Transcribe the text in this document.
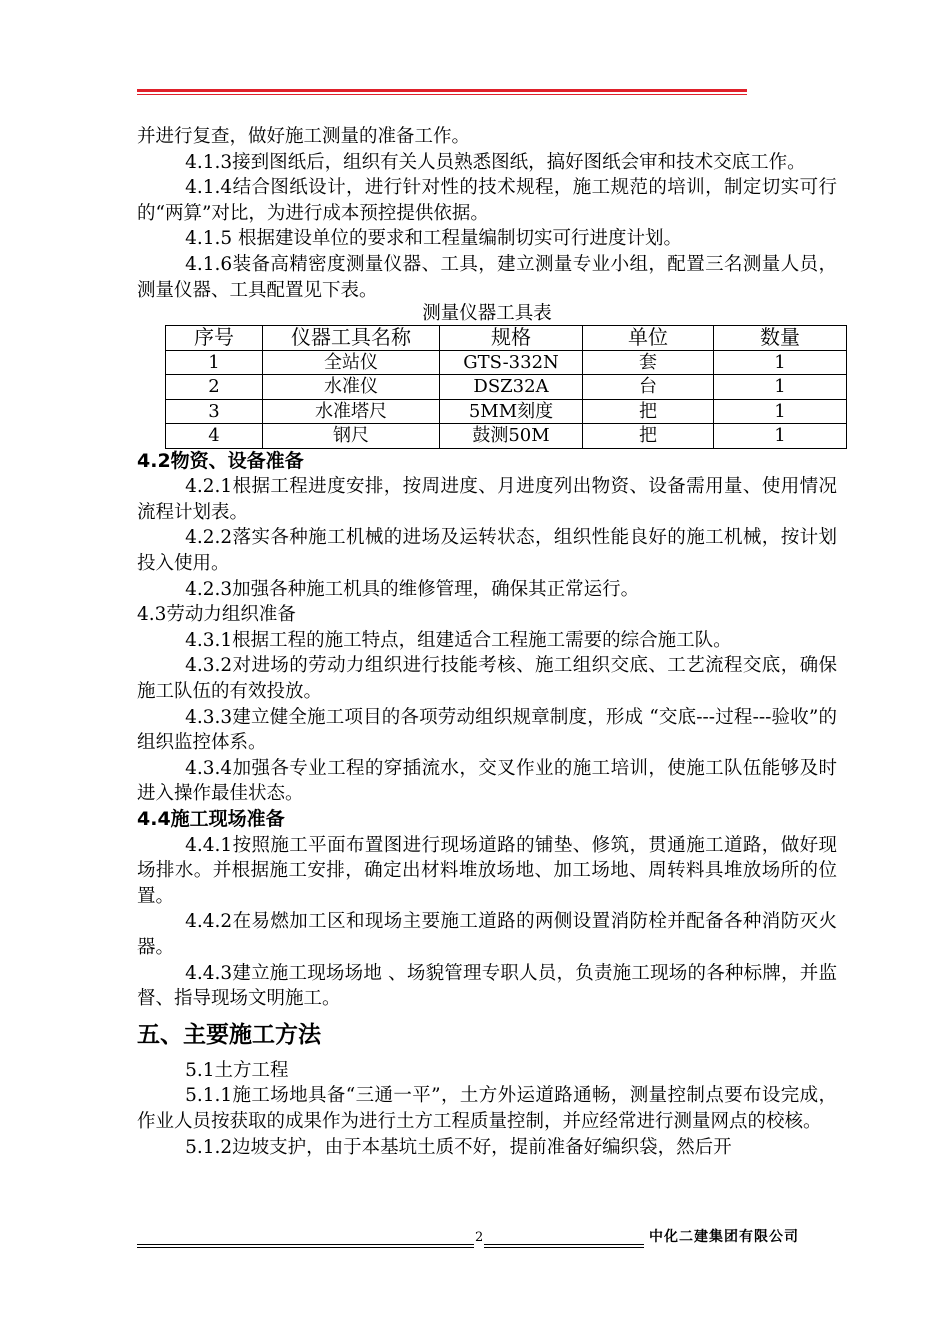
并进行复查，做好施工测量的准备工作。

4.1.3接到图纸后，组织有关人员熟悉图纸，搞好图纸会审和技术交底工作。

4.1.4结合图纸设计，进行针对性的技术规程，施工规范的培训，制定切实可行的“两算”对比，为进行成本预控提供依据。

4.1.5 根据建设单位的要求和工程量编制切实可行进度计划。

4.1.6装备高精密度测量仪器、工具，建立测量专业小组，配置三名测量人员，测量仪器、工具配置见下表。

测量仪器工具表

序号	仪器工具名称	规格	单位	数量
1	全站仪	GTS-332N	套	1
2	水准仪	DSZ32A	台	1
3	水准塔尺	5MM刻度	把	1
4	钢尺	鼓测50M	把	1

4.2物资、设备准备

4.2.1根据工程进度安排，按周进度、月进度列出物资、设备需用量、使用情况流程计划表。

4.2.2落实各种施工机械的进场及运转状态，组织性能良好的施工机械，按计划投入使用。

4.2.3加强各种施工机具的维修管理，确保其正常运行。

4.3劳动力组织准备

4.3.1根据工程的施工特点，组建适合工程施工需要的综合施工队。

4.3.2对进场的劳动力组织进行技能考核、施工组织交底、工艺流程交底，确保施工队伍的有效投放。

4.3.3建立健全施工项目的各项劳动组织规章制度，形成 “交底---过程---验收”的组织监控体系。

4.3.4加强各专业工程的穿插流水，交叉作业的施工培训，使施工队伍能够及时进入操作最佳状态。

4.4施工现场准备

4.4.1按照施工平面布置图进行现场道路的铺垫、修筑，贯通施工道路，做好现场排水。并根据施工安排，确定出材料堆放场地、加工场地、周转料具堆放场所的位置。

4.4.2在易燃加工区和现场主要施工道路的两侧设置消防栓并配备各种消防灭火器。

4.4.3建立施工现场场地 、场貌管理专职人员，负责施工现场的各种标牌，并监督、指导现场文明施工。

五、主要施工方法

5.1土方工程

5.1.1施工场地具备“三通一平”，土方外运道路通畅，测量控制点要布设完成，作业人员按获取的成果作为进行土方工程质量控制，并应经常进行测量网点的校核。

5.1.2边坡支护，由于本基坑土质不好，提前准备好编织袋，然后开

2	中化二建集团有限公司
